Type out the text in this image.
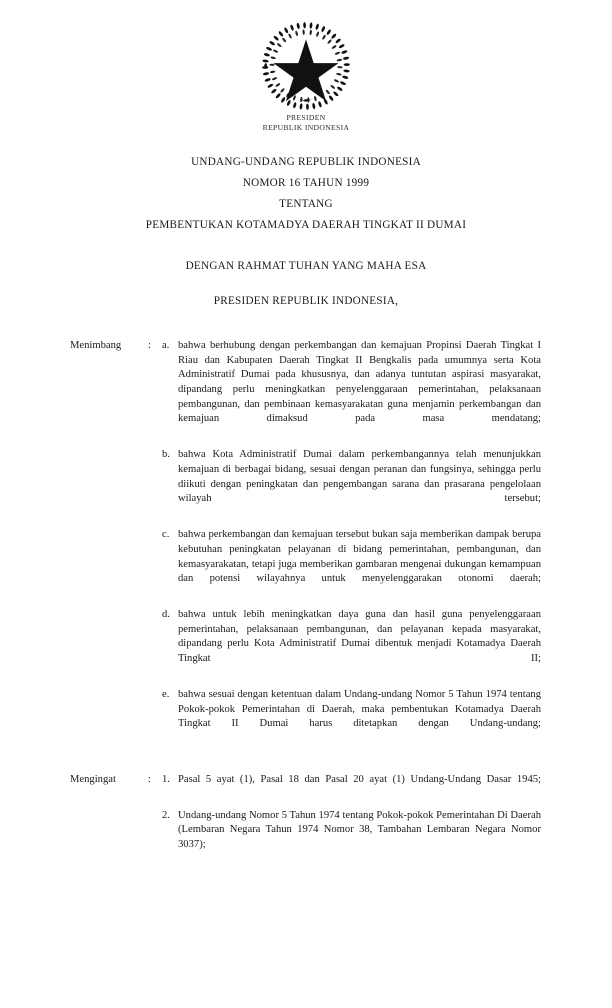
PRESIDEN
REPUBLIK INDONESIA
UNDANG-UNDANG REPUBLIK INDONESIA
NOMOR 16 TAHUN 1999
TENTANG
PEMBENTUKAN KOTAMADYA DAERAH TINGKAT II DUMAI
DENGAN RAHMAT TUHAN YANG MAHA ESA
PRESIDEN REPUBLIK INDONESIA,
Menimbang	:	a. bahwa berhubung dengan perkembangan dan kemajuan Propinsi Daerah Tingkat I Riau dan Kabupaten Daerah Tingkat II Bengkalis pada umumnya serta Kota Administratif Dumai pada khususnya, dan adanya tuntutan aspirasi masyarakat, dipandang perlu meningkatkan penyelenggaraan pemerintahan, pelaksanaan pembangunan, dan pembinaan kemasyarakatan guna menjamin perkembangan dan kemajuan dimaksud pada masa mendatang;
b. bahwa Kota Administratif Dumai dalam perkembangannya telah menunjukkan kemajuan di berbagai bidang, sesuai dengan peranan dan fungsinya, sehingga perlu diikuti dengan peningkatan dan pengembangan sarana dan prasarana pengelolaan wilayah tersebut;
c. bahwa perkembangan dan kemajuan tersebut bukan saja memberikan dampak berupa kebutuhan peningkatan pelayanan di bidang pemerintahan, pembangunan, dan kemasyarakatan, tetapi juga memberikan gambaran mengenai dukungan kemampuan dan potensi wilayahnya untuk menyelenggarakan otonomi daerah;
d. bahwa untuk lebih meningkatkan daya guna dan hasil guna penyelenggaraan pemerintahan, pelaksanaan pembangunan, dan pelayanan kepada masyarakat, dipandang perlu Kota Administratif Dumai dibentuk menjadi Kotamadya Daerah Tingkat II;
e. bahwa sesuai dengan ketentuan dalam Undang-undang Nomor 5 Tahun 1974 tentang Pokok-pokok Pemerintahan di Daerah, maka pembentukan Kotamadya Daerah Tingkat II Dumai harus ditetapkan dengan Undang-undang;
Mengingat	:	1. Pasal 5 ayat (1), Pasal 18 dan Pasal 20 ayat (1) Undang-Undang Dasar 1945;
2. Undang-undang Nomor 5 Tahun 1974 tentang Pokok-pokok Pemerintahan Di Daerah (Lembaran Negara Tahun 1974 Nomor 38, Tambahan Lembaran Negara Nomor 3037);
